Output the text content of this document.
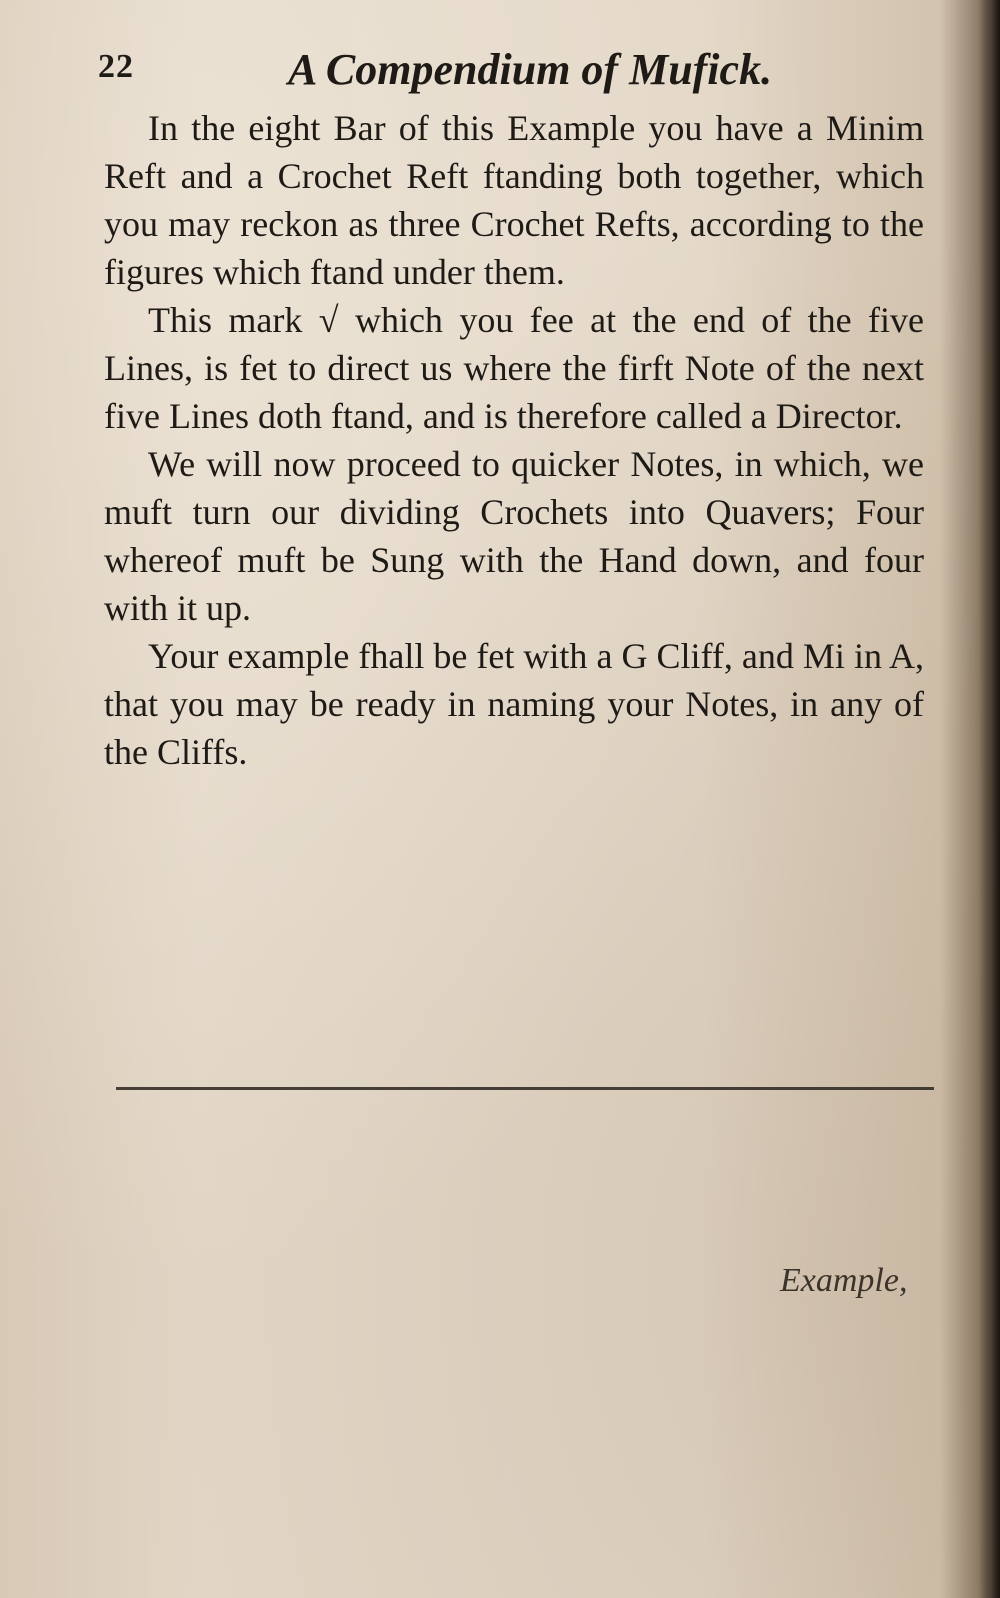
22	A Compendium of Mufick.

In the eight Bar of this Example you have a Minim Reft and a Crochet Reft ftanding both together, which you may reckon as three Crochet Refts, according to the figures which ftand under them.

This mark √ which you fee at the end of the five Lines, is fet to direct us where the firft Note of the next five Lines doth ftand, and is therefore called a Director.

We will now proceed to quicker Notes, in which, we muft turn our dividing Crochets into Quavers; Four whereof muft be Sung with the Hand down, and four with it up.

Your example fhall be fet with a G Cliff, and Mi in A, that you may be ready in naming your Notes, in any of the Cliffs.

Example,
